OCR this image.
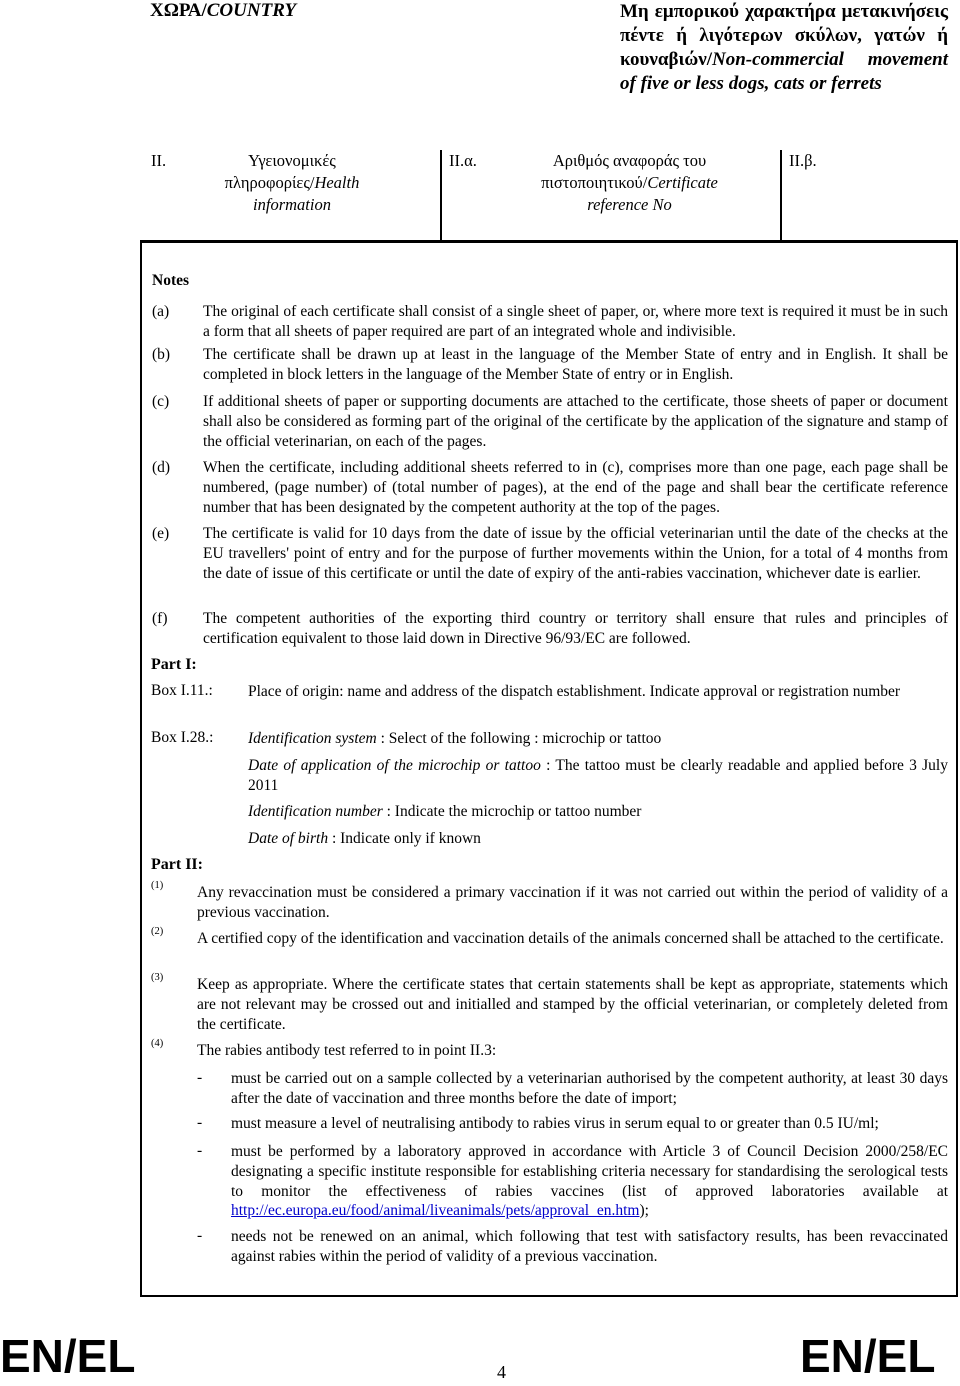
ΧΩΡΑ/COUNTRY	Μη εμπορικού χαρακτήρα μετακινήσεις πέντε ή λιγότερων σκύλων, γατών ή κουναβιών/Non-commercial movement of five or less dogs, cats or ferrets
II.	Υγειονομικές πληροφορίες/Health information
II.α.	Αριθμός αναφοράς του πιστοποιητικού/Certificate reference No
II.β.
Notes
(a) The original of each certificate shall consist of a single sheet of paper, or, where more text is required it must be in such a form that all sheets of paper required are part of an integrated whole and indivisible.
(b) The certificate shall be drawn up at least in the language of the Member State of entry and in English. It shall be completed in block letters in the language of the Member State of entry or in English.
(c) If additional sheets of paper or supporting documents are attached to the certificate, those sheets of paper or document shall also be considered as forming part of the original of the certificate by the application of the signature and stamp of the official veterinarian, on each of the pages.
(d) When the certificate, including additional sheets referred to in (c), comprises more than one page, each page shall be numbered, (page number) of (total number of pages), at the end of the page and shall bear the certificate reference number that has been designated by the competent authority at the top of the pages.
(e) The certificate is valid for 10 days from the date of issue by the official veterinarian until the date of the checks at the EU travellers' point of entry and for the purpose of further movements within the Union, for a total of 4 months from the date of issue of this certificate or until the date of expiry of the anti-rabies vaccination, whichever date is earlier.
(f) The competent authorities of the exporting third country or territory shall ensure that rules and principles of certification equivalent to those laid down in Directive 96/93/EC are followed.
Part I:
Box I.11.: Place of origin: name and address of the dispatch establishment. Indicate approval or registration number
Box I.28.: Identification system : Select of the following : microchip or tattoo
Date of application of the microchip or tattoo : The tattoo must be clearly readable and applied before 3 July 2011
Identification number : Indicate the microchip or tattoo number
Date of birth : Indicate only if known
Part II:
(1) Any revaccination must be considered a primary vaccination if it was not carried out within the period of validity of a previous vaccination.
(2) A certified copy of the identification and vaccination details of the animals concerned shall be attached to the certificate.
(3) Keep as appropriate. Where the certificate states that certain statements shall be kept as appropriate, statements which are not relevant may be crossed out and initialled and stamped by the official veterinarian, or completely deleted from the certificate.
(4) The rabies antibody test referred to in point II.3:
- must be carried out on a sample collected by a veterinarian authorised by the competent authority, at least 30 days after the date of vaccination and three months before the date of import;
- must measure a level of neutralising antibody to rabies virus in serum equal to or greater than 0.5 IU/ml;
- must be performed by a laboratory approved in accordance with Article 3 of Council Decision 2000/258/EC designating a specific institute responsible for establishing criteria necessary for standardising the serological tests to monitor the effectiveness of rabies vaccines (list of approved laboratories available at http://ec.europa.eu/food/animal/liveanimals/pets/approval_en.htm);
- needs not be renewed on an animal, which following that test with satisfactory results, has been revaccinated against rabies within the period of validity of a previous vaccination.
EN/EL	4	EN/EL
